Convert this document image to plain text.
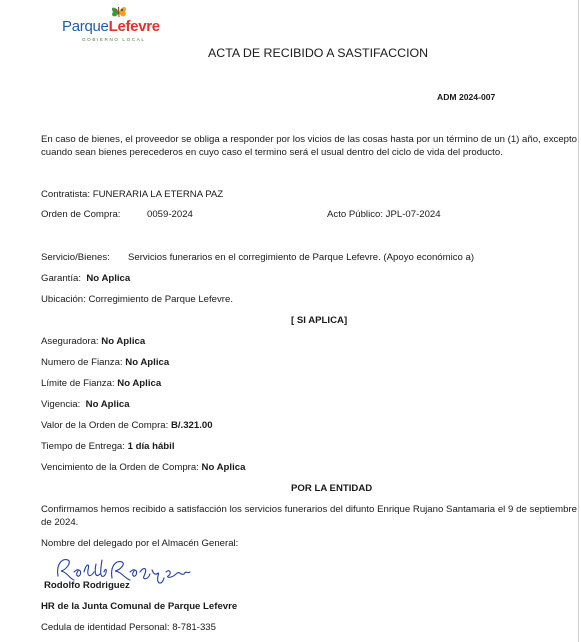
ParqueLefevre
GOBIERNO LOCAL
ACTA DE RECIBIDO A SASTIFACCION
ADM 2024-007
En caso de bienes, el proveedor se obliga a responder por los vicios de las cosas hasta por un término de un (1) año, excepto cuando sean bienes perecederos en cuyo caso el termino será el usual dentro del ciclo de vida del producto.
Contratista: FUNERARIA LA ETERNA PAZ
Orden de Compra:	0059-2024	Acto Público: JPL-07-2024
Servicio/Bienes: Servicios funerarios en el corregimiento de Parque Lefevre. (Apoyo económico a)
Garantía: No Aplica
Ubicación: Corregimiento de Parque Lefevre.
[ SI APLICA]
Aseguradora: No Aplica
Numero de Fianza: No Aplica
Límite de Fianza: No Aplica
Vigencia: No Aplica
Valor de la Orden de Compra: B/.321.00
Tiempo de Entrega: 1 día hábil
Vencimiento de la Orden de Compra: No Aplica
POR LA ENTIDAD
Confirmamos hemos recibido a satisfacción los servicios funerarios del difunto Enrique Rujano Santamaria el 9 de septiembre de 2024.
Nombre del delegado por el Almacén General:
Rodolfo Rodriguez
HR de la Junta Comunal de Parque Lefevre
Cedula de identidad Personal: 8-781-335
